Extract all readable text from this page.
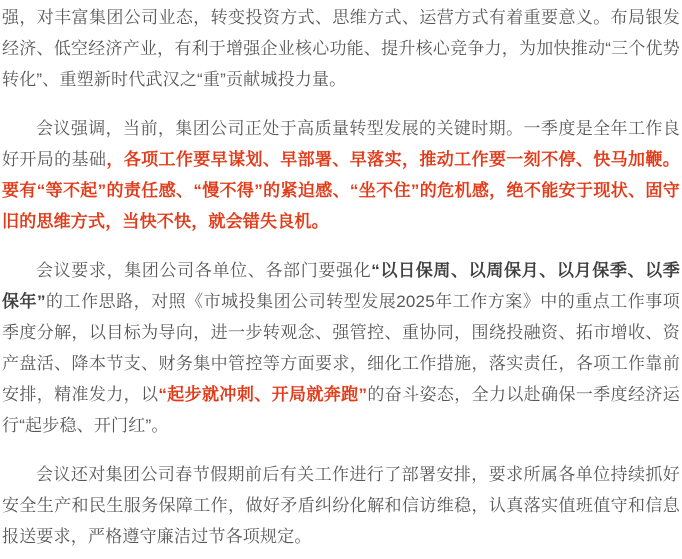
强，对丰富集团公司业态，转变投资方式、思维方式、运营方式有着重要意义。布局银发经济、低空经济产业，有利于增强企业核心功能、提升核心竞争力，为加快推动“三个优势转化”、重塑新时代武汉之“重”贡献城投力量。

会议强调，当前，集团公司正处于高质量转型发展的关键时期。一季度是全年工作良好开局的基础，各项工作要早谋划、早部署、早落实，推动工作要一刻不停、快马加鞭。要有“等不起”的责任感、“慢不得”的紧迫感、“坐不住”的危机感，绝不能安于现状、固守旧的思维方式，当快不快，就会错失良机。

会议要求，集团公司各单位、各部门要强化“以日保周、以周保月、以月保季、以季保年”的工作思路，对照《市城投集团公司转型发展2025年工作方案》中的重点工作事项季度分解，以目标为导向，进一步转观念、强管控、重协同，围绕投融资、拓市增收、资产盘活、降本节支、财务集中管控等方面要求，细化工作措施，落实责任，各项工作靠前安排，精准发力，以“起步就冲刺、开局就奔跑”的奋斗姿态，全力以赴确保一季度经济运行“起步稳、开门红”。

会议还对集团公司春节假期前后有关工作进行了部署安排，要求所属各单位持续抓好安全生产和民生服务保障工作，做好矛盾纠纷化解和信访维稳，认真落实值班值守和信息报送要求，严格遵守廉洁过节各项规定。
